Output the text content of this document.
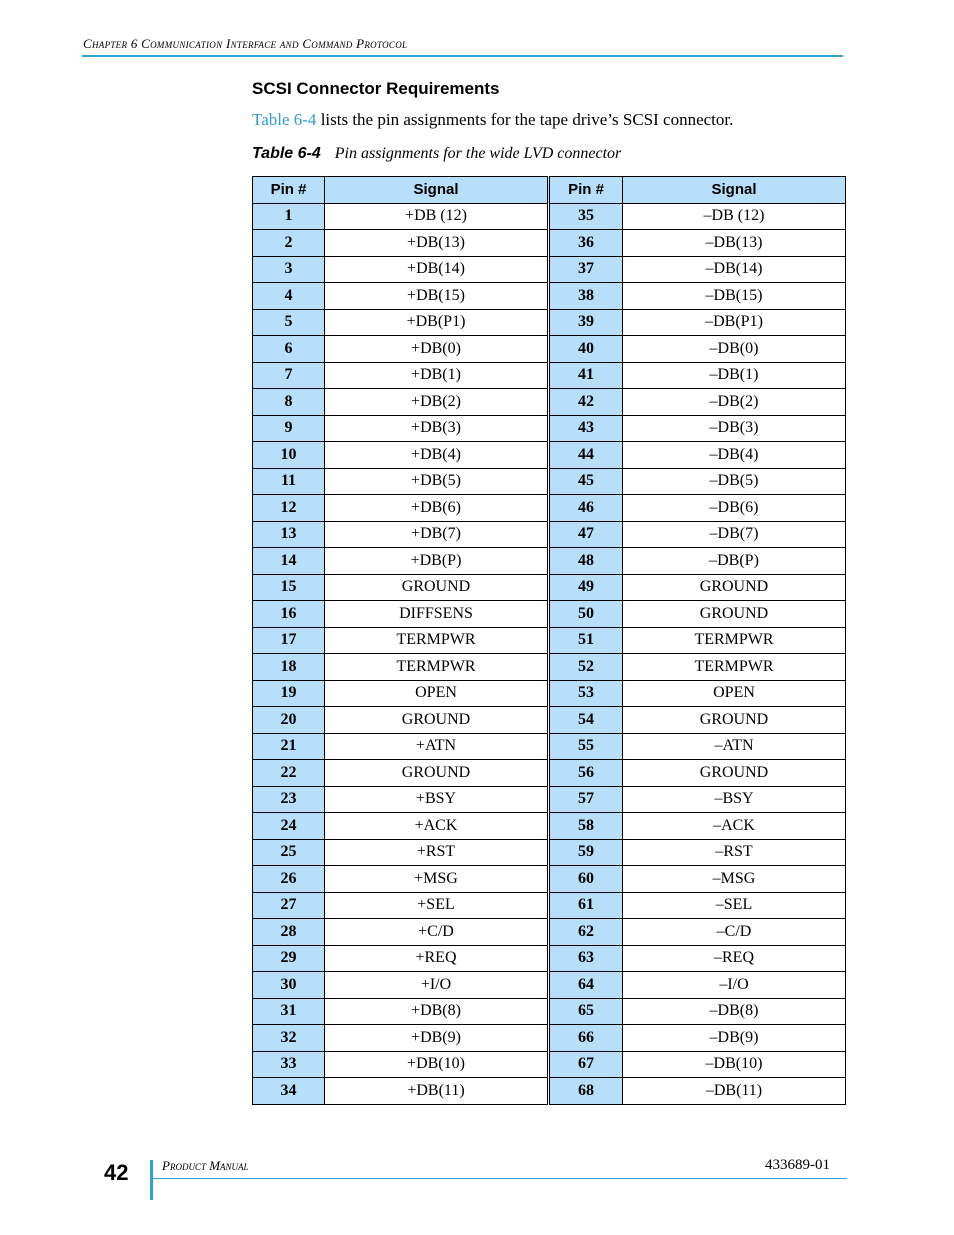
Chapter 6 Communication Interface and Command Protocol
SCSI Connector Requirements
Table 6-4 lists the pin assignments for the tape drive’s SCSI connector.
Table 6-4 Pin assignments for the wide LVD connector
Pin #	Signal	Pin #	Signal
1	+DB (12)	35	–DB (12)
2	+DB(13)	36	–DB(13)
3	+DB(14)	37	–DB(14)
4	+DB(15)	38	–DB(15)
5	+DB(P1)	39	–DB(P1)
6	+DB(0)	40	–DB(0)
7	+DB(1)	41	–DB(1)
8	+DB(2)	42	–DB(2)
9	+DB(3)	43	–DB(3)
10	+DB(4)	44	–DB(4)
11	+DB(5)	45	–DB(5)
12	+DB(6)	46	–DB(6)
13	+DB(7)	47	–DB(7)
14	+DB(P)	48	–DB(P)
15	GROUND	49	GROUND
16	DIFFSENS	50	GROUND
17	TERMPWR	51	TERMPWR
18	TERMPWR	52	TERMPWR
19	OPEN	53	OPEN
20	GROUND	54	GROUND
21	+ATN	55	–ATN
22	GROUND	56	GROUND
23	+BSY	57	–BSY
24	+ACK	58	–ACK
25	+RST	59	–RST
26	+MSG	60	–MSG
27	+SEL	61	–SEL
28	+C/D	62	–C/D
29	+REQ	63	–REQ
30	+I/O	64	–I/O
31	+DB(8)	65	–DB(8)
32	+DB(9)	66	–DB(9)
33	+DB(10)	67	–DB(10)
34	+DB(11)	68	–DB(11)
42	Product Manual	433689-01
